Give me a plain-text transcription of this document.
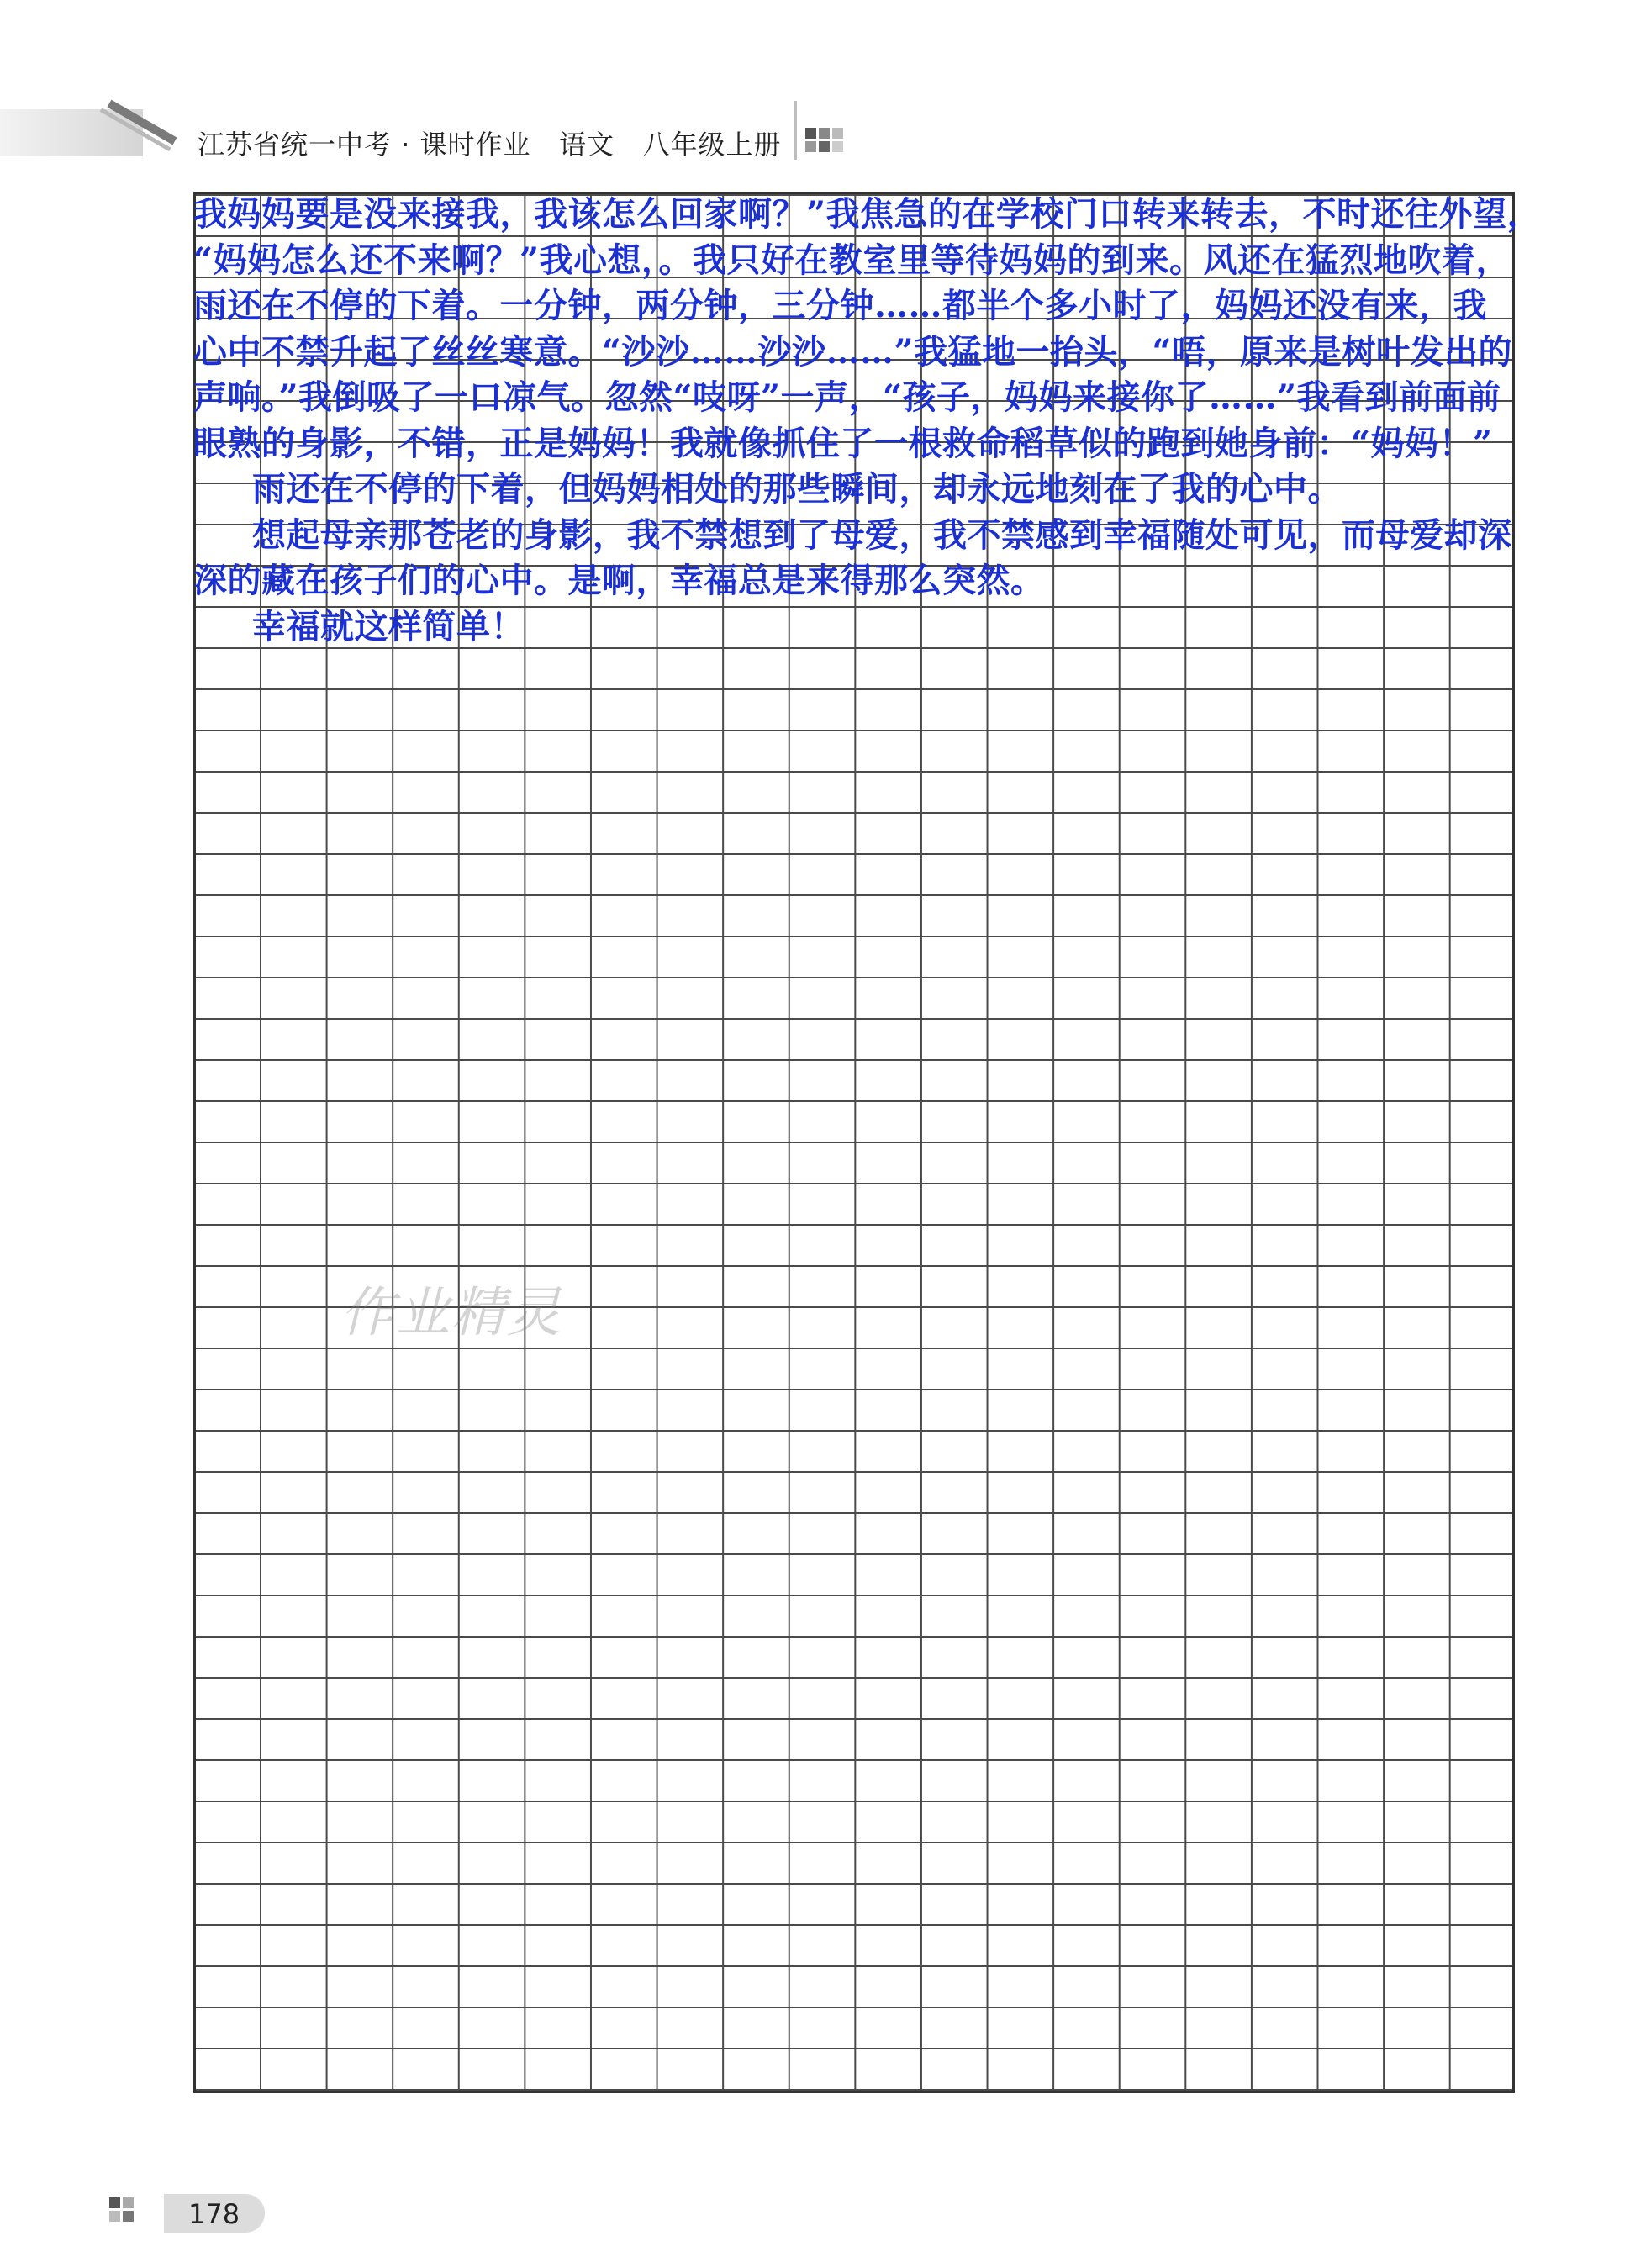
江苏省统一中考 · 课时作业   语文   八年级上册
作业精灵

我妈妈要是没来接我，我该怎么回家啊？”我焦急的在学校门口转来转去，不时还往外望，

“妈妈怎么还不来啊？”我心想，。我只好在教室里等待妈妈的到来。风还在猛烈地吹着，

雨还在不停的下着。一分钟，两分钟，三分钟……都半个多小时了，妈妈还没有来，我

心中不禁升起了丝丝寒意。“沙沙……沙沙……”我猛地一抬头，“唔，原来是树叶发出的

声响。”我倒吸了一口凉气。忽然“吱呀”一声，“孩子，妈妈来接你了……”我看到前面前

眼熟的身影，不错，正是妈妈！我就像抓住了一根救命稻草似的跑到她身前：“妈妈！”

雨还在不停的下着，但妈妈相处的那些瞬间，却永远地刻在了我的心中。

想起母亲那苍老的身影，我不禁想到了母爱，我不禁感到幸福随处可见，而母爱却深

深的藏在孩子们的心中。是啊，幸福总是来得那么突然。

幸福就这样简单！

178
